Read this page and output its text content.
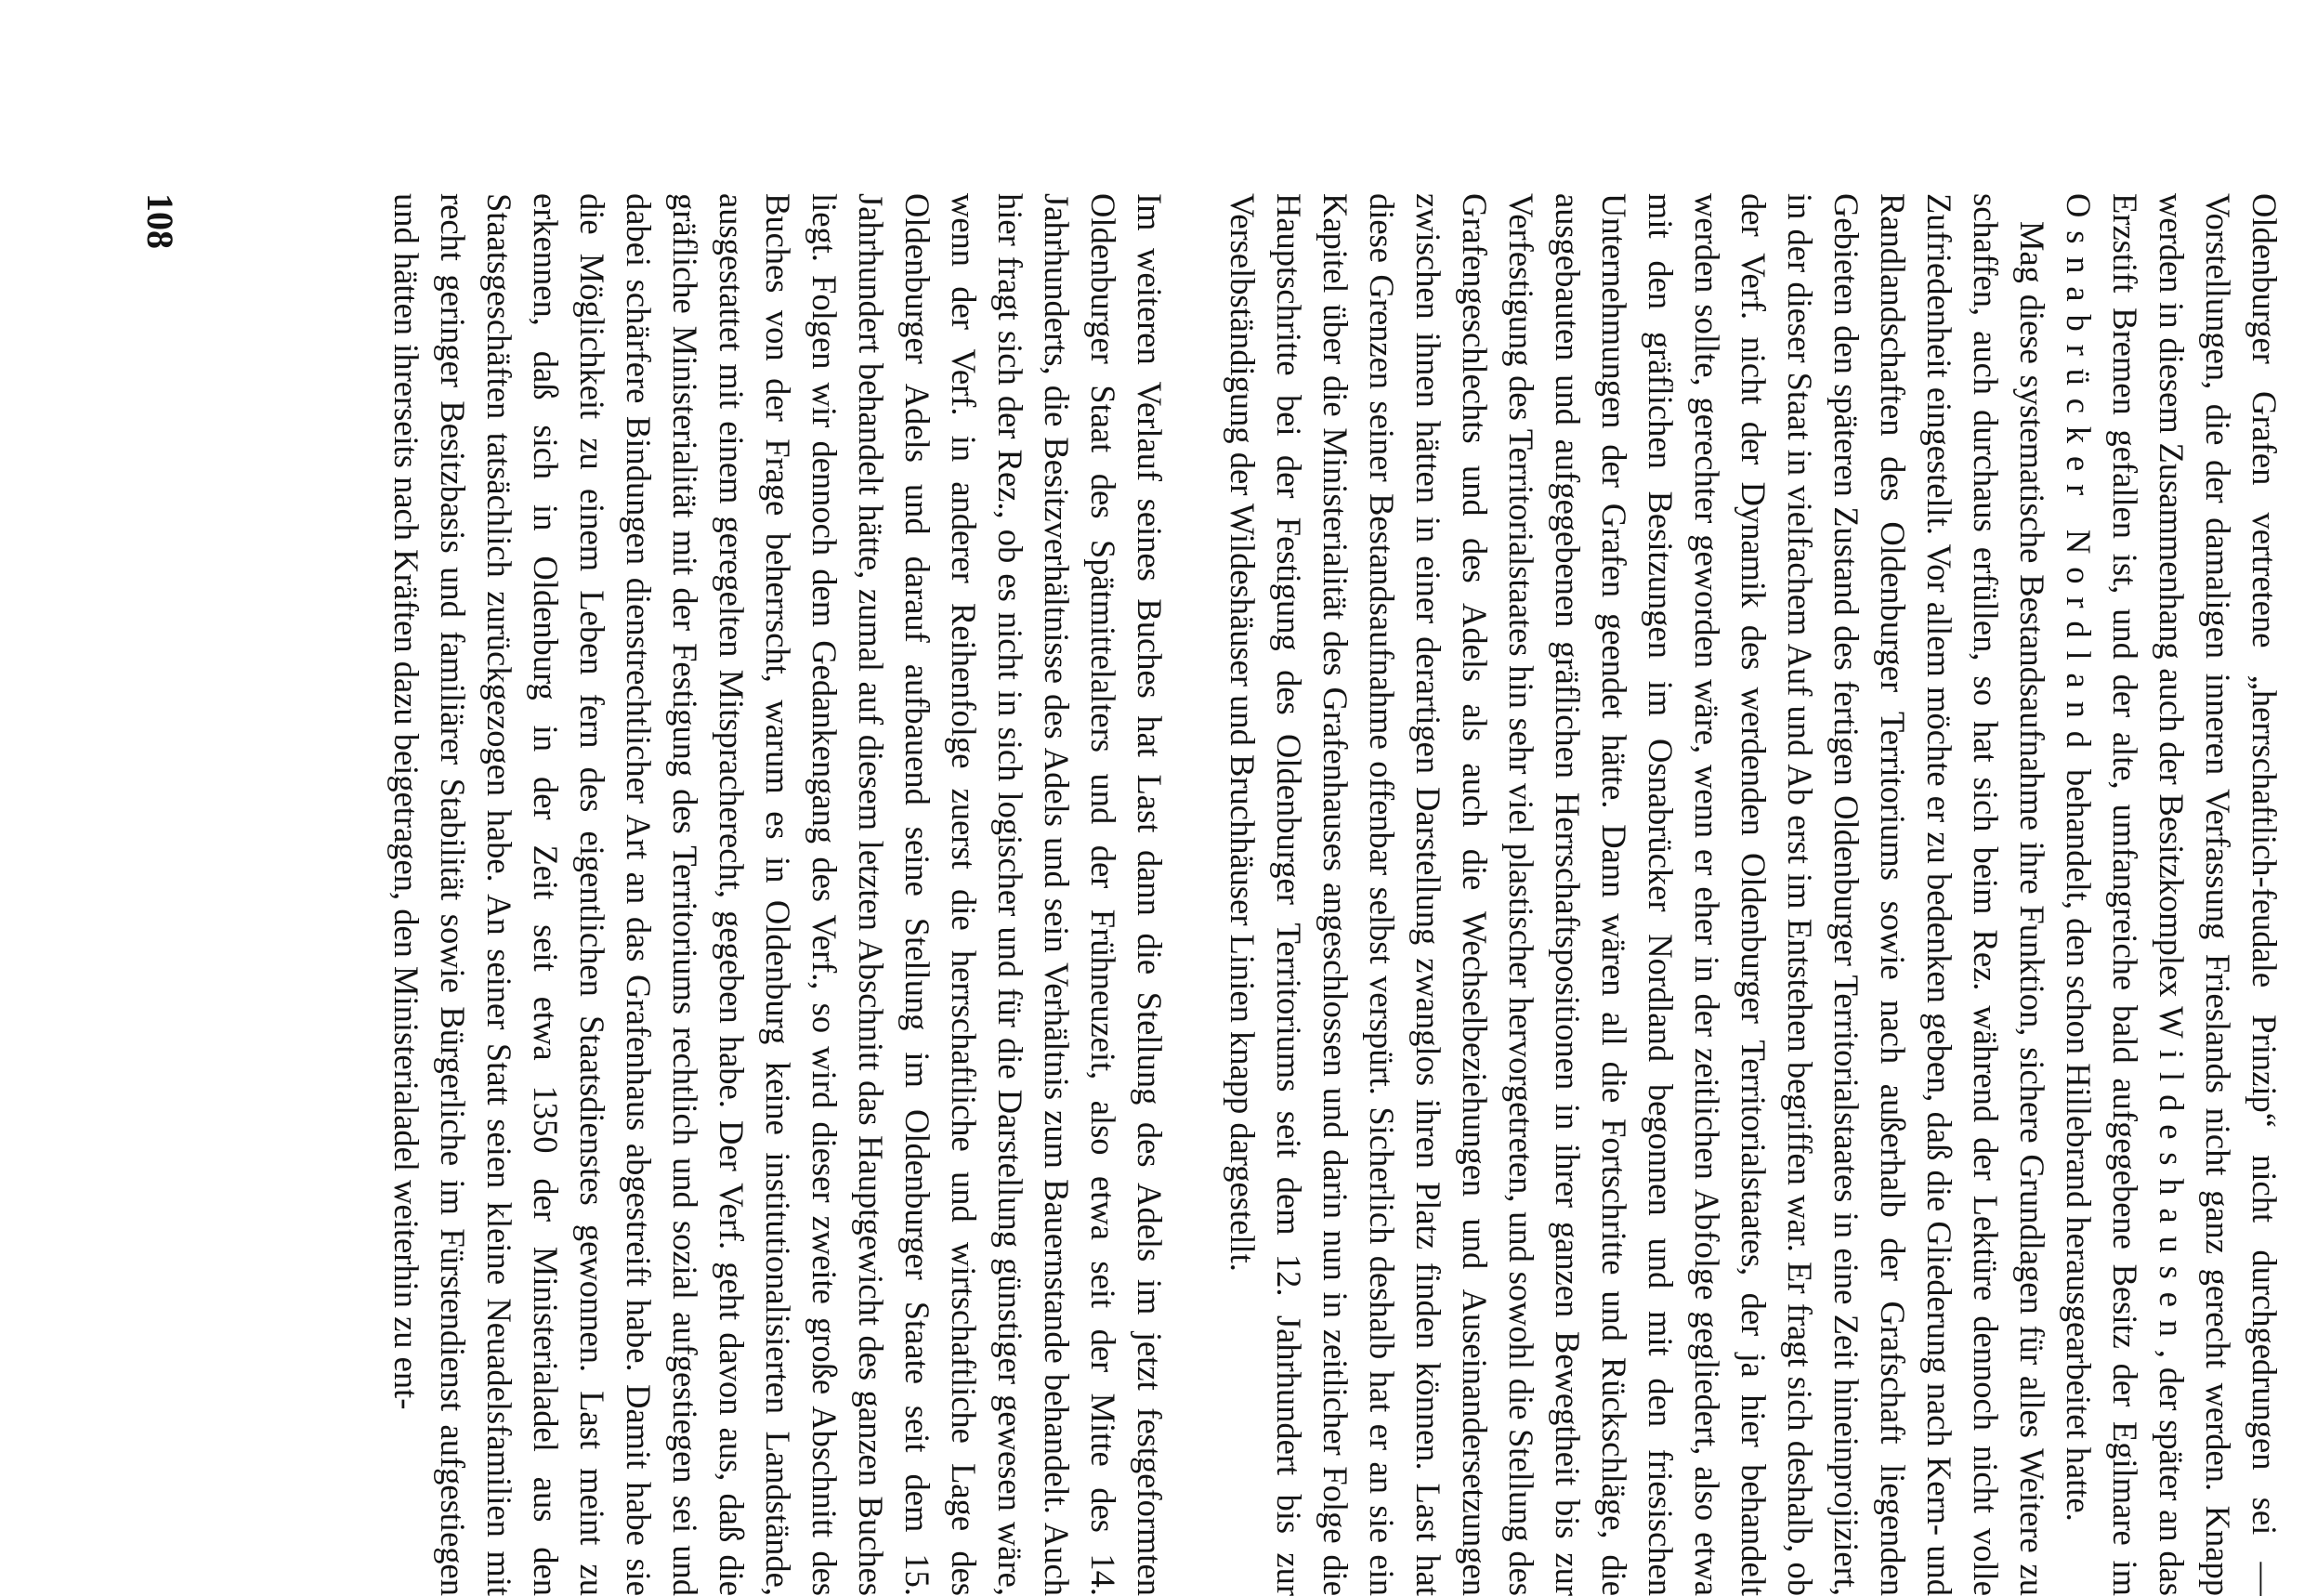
Oldenburger Grafen vertretene „herrschaftlich-feudale Prinzip“ nicht durchgedrungen sei — Vorstellungen, die der damaligen inneren Verfassung Frieslands nicht ganz gerecht werden. Knapp werden in diesem Zusammenhang auch der Besitzkomplex Wildeshausen, der später an das Erzstift Bremen gefallen ist, und der alte, umfangreiche bald aufgegebene Besitz der Egilmare im Osnabrücker Nordland behandelt, den schon Hillebrand herausgearbeitet hatte.

Mag diese systematische Bestandsaufnahme ihre Funktion, sichere Grundlagen für alles Weitere zu schaffen, auch durchaus erfüllen, so hat sich beim Rez. während der Lektüre dennoch nicht volle Zufriedenheit eingestellt. Vor allem möchte er zu bedenken geben, daß die Gliederung nach Kern- und Randlandschaften des Oldenburger Territoriums sowie nach außerhalb der Grafschaft liegenden Gebieten den späteren Zustand des fertigen Oldenburger Territorialstaates in eine Zeit hineinprojiziert, in der dieser Staat in vielfachem Auf und Ab erst im Entstehen begriffen war. Er fragt sich deshalb, ob der Verf. nicht der Dynamik des werdenden Oldenburger Territorialstaates, der ja hier behandelt werden sollte, gerechter geworden wäre, wenn er eher in der zeitlichen Abfolge gegliedert, also etwa mit den gräflichen Besitzungen im Osnabrücker Nordland begonnen und mit den friesischen Unternehmungen der Grafen geendet hätte. Dann wären all die Fortschritte und Rückschläge, die ausgebauten und aufgegebenen gräflichen Herrschaftspositionen in ihrer ganzen Bewegtheit bis zur Verfestigung des Territorialstaates hin sehr viel plastischer hervorgetreten, und sowohl die Stellung des Grafengeschlechts und des Adels als auch die Wechselbeziehungen und Auseinandersetzungen zwischen ihnen hätten in einer derartigen Darstellung zwanglos ihren Platz finden können. Last hat diese Grenzen seiner Bestandsaufnahme offenbar selbst verspürt. Sicherlich deshalb hat er an sie ein Kapitel über die Ministerialität des Grafenhauses angeschlossen und darin nun in zeitlicher Folge die Hauptschritte bei der Festigung des Oldenburger Territoriums seit dem 12. Jahrhundert bis zur Verselbständigung der Wildeshäuser und Bruchhäuser Linien knapp dargestellt.

Im weiteren Verlauf seines Buches hat Last dann die Stellung des Adels im jetzt festgeformten Oldenburger Staat des Spätmittelalters und der Frühneuzeit, also etwa seit der Mitte des 14. Jahrhunderts, die Besitzverhältnisse des Adels und sein Verhältnis zum Bauernstande behandelt. Auch hier fragt sich der Rez., ob es nicht in sich logischer und für die Darstellung günstiger gewesen wäre, wenn der Verf. in anderer Reihenfolge zuerst die herrschaftliche und wirtschaftliche Lage des Oldenburger Adels und darauf aufbauend seine Stellung im Oldenburger Staate seit dem 15. Jahrhundert behandelt hätte, zumal auf diesem letzten Abschnitt das Hauptgewicht des ganzen Buches liegt. Folgen wir dennoch dem Gedankengang des Verf., so wird dieser zweite große Abschnitt des Buches von der Frage beherrscht, warum es in Oldenburg keine institutionalisierten Landstände, ausgestattet mit einem geregelten Mitspracherecht, gegeben habe. Der Verf. geht davon aus, daß die gräfliche Ministerialität mit der Festigung des Territoriums rechtlich und sozial aufgestiegen sei und dabei schärfere Bindungen dienstrechtlicher Art an das Grafenhaus abgestreift habe. Damit habe sie die Möglichkeit zu einem Leben fern des eigentlichen Staatsdienstes gewonnen. Last meint zu erkennen, daß sich in Oldenburg in der Zeit seit etwa 1350 der Ministerialadel aus den Staatsgeschäften tatsächlich zurückgezogen habe. An seiner Statt seien kleine Neuadelsfamilien mit recht geringer Besitzbasis und familiärer Stabilität sowie Bürgerliche im Fürstendienst aufgestiegen und hätten ihrerseits nach Kräften dazu beigetragen, den Ministerialadel weiterhin zu ent-

108
